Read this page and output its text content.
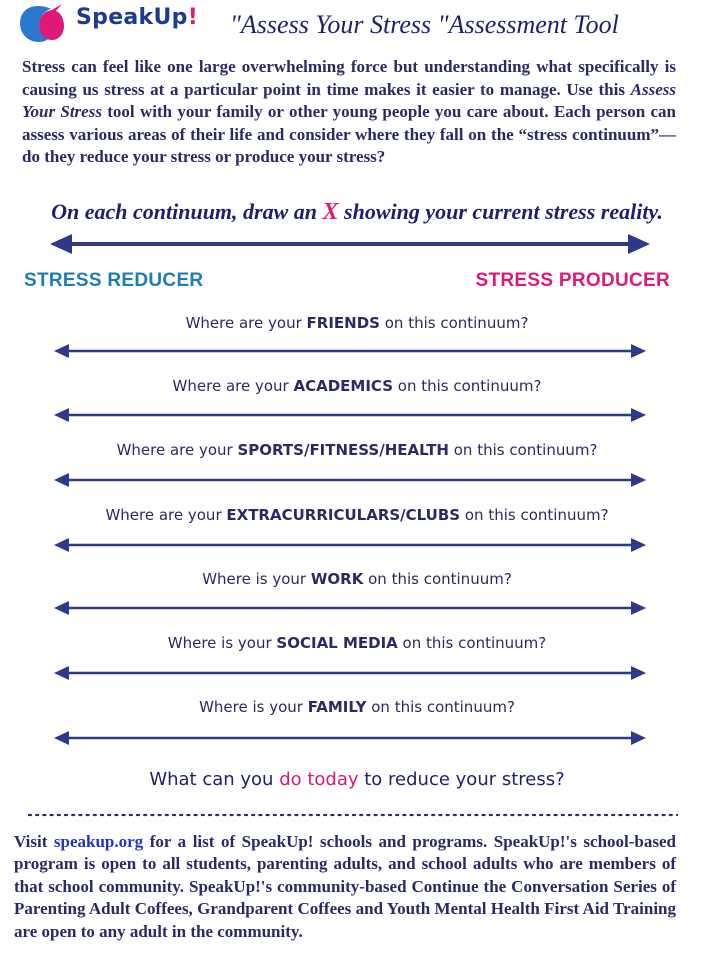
SpeakUp! "Assess Your Stress "Assessment Tool
Stress can feel like one large overwhelming force but understanding what specifically is causing us stress at a particular point in time makes it easier to manage. Use this Assess Your Stress tool with your family or other young people you care about. Each person can assess various areas of their life and consider where they fall on the “stress continuum”—do they reduce your stress or produce your stress?
On each continuum, draw an X showing your current stress reality.
STRESS REDUCER	STRESS PRODUCER
Where are your FRIENDS on this continuum?
Where are your ACADEMICS on this continuum?
Where are your SPORTS/FITNESS/HEALTH on this continuum?
Where are your EXTRACURRICULARS/CLUBS on this continuum?
Where is your WORK on this continuum?
Where is your SOCIAL MEDIA on this continuum?
Where is your FAMILY on this continuum?
What can you do today to reduce your stress?
Visit speakup.org for a list of SpeakUp! schools and programs. SpeakUp!'s school-based program is open to all students, parenting adults, and school adults who are members of that school community. SpeakUp!'s community-based Continue the Conversation Series of Parenting Adult Coffees, Grandparent Coffees and Youth Mental Health First Aid Training are open to any adult in the community.
